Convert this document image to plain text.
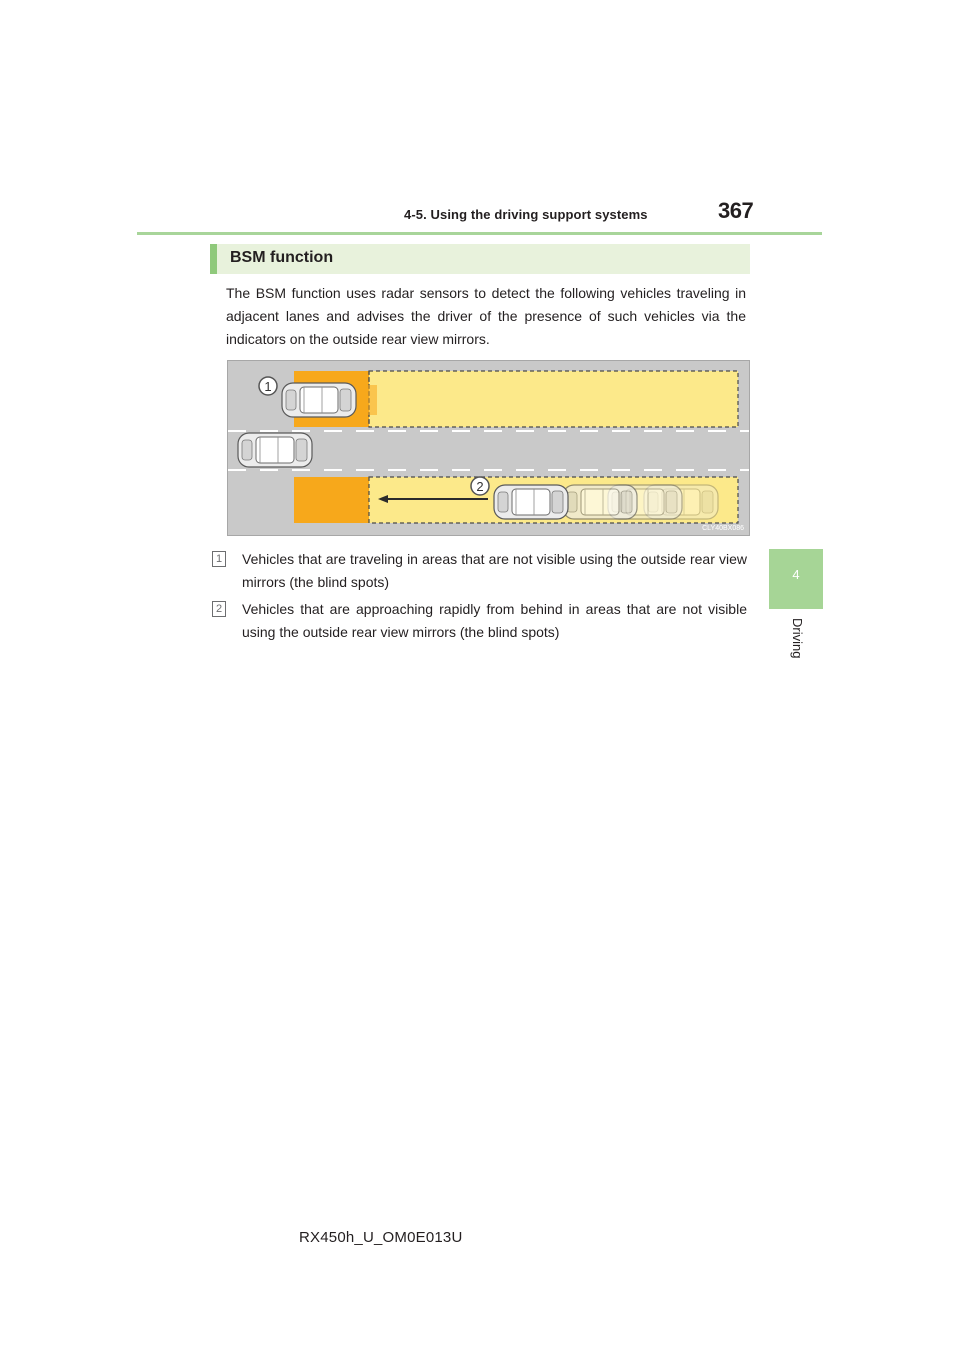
4-5. Using the driving support systems	367
4
Driving
BSM function
The BSM function uses radar sensors to detect the following vehicles traveling in adjacent lanes and advises the driver of the presence of such vehicles via the indicators on the outside rear view mirrors.
1
2
CLY40BX086
1 Vehicles that are traveling in areas that are not visible using the outside rear view mirrors (the blind spots)
2 Vehicles that are approaching rapidly from behind in areas that are not visible using the outside rear view mirrors (the blind spots)
RX450h_U_OM0E013U
